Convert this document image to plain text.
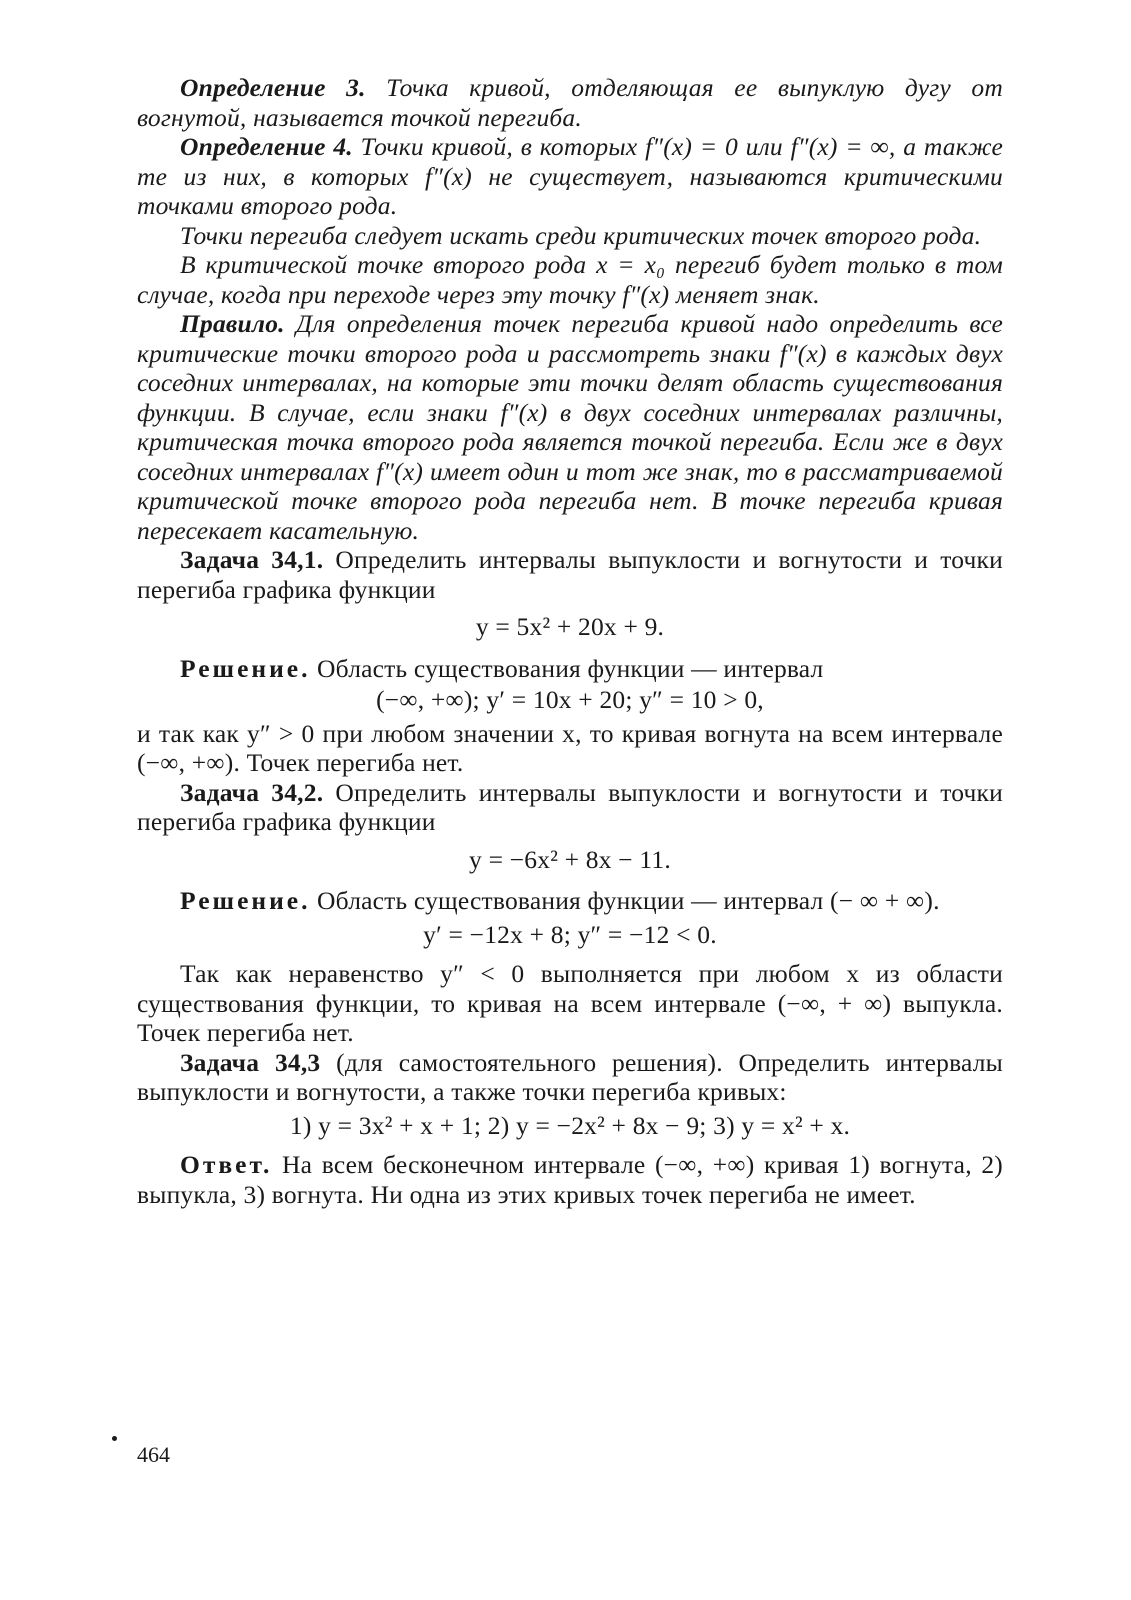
Определение 3. Точка кривой, отделяющая ее выпуклую дугу от вогнутой, называется точкой перегиба.

Определение 4. Точки кривой, в которых f″(x) = 0 или f″(x) = ∞, а также те из них, в которых f″(x) не существует, называются критическими точками второго рода.

Точки перегиба следует искать среди критических точек второго рода.

В критической точке второго рода x = x₀ перегиб будет только в том случае, когда при переходе через эту точку f″(x) меняет знак.

Правило. Для определения точек перегиба кривой надо определить все критические точки второго рода и рассмотреть знаки f″(x) в каждых двух соседних интервалах, на которые эти точки делят область существования функции. В случае, если знаки f″(x) в двух соседних интервалах различны, критическая точка второго рода является точкой перегиба. Если же в двух соседних интервалах f″(x) имеет один и тот же знак, то в рассматриваемой критической точке второго рода перегиба нет. В точке перегиба кривая пересекает касательную.

Задача 34,1. Определить интервалы выпуклости и вогнутости и точки перегиба графика функции

y = 5x² + 20x + 9.

Решение. Область существования функции — интервал

(−∞, +∞); y′ = 10x + 20; y″ = 10 > 0,

и так как y″ > 0 при любом значении x, то кривая вогнута на всем интервале (−∞, +∞). Точек перегиба нет.

Задача 34,2. Определить интервалы выпуклости и вогнутости и точки перегиба графика функции

y = −6x² + 8x − 11.

Решение. Область существования функции — интервал (− ∞ + ∞).

y′ = −12x + 8; y″ = −12 < 0.

Так как неравенство y″ < 0 выполняется при любом x из области существования функции, то кривая на всем интервале (−∞, + ∞) выпукла. Точек перегиба нет.

Задача 34,3 (для самостоятельного решения). Определить интервалы выпуклости и вогнутости, а также точки перегиба кривых:

1) y = 3x² + x + 1; 2) y = −2x² + 8x − 9; 3) y = x² + x.

Ответ. На всем бесконечном интервале (−∞, +∞) кривая 1) вогнута, 2) выпукла, 3) вогнута. Ни одна из этих кривых точек перегиба не имеет.

464
